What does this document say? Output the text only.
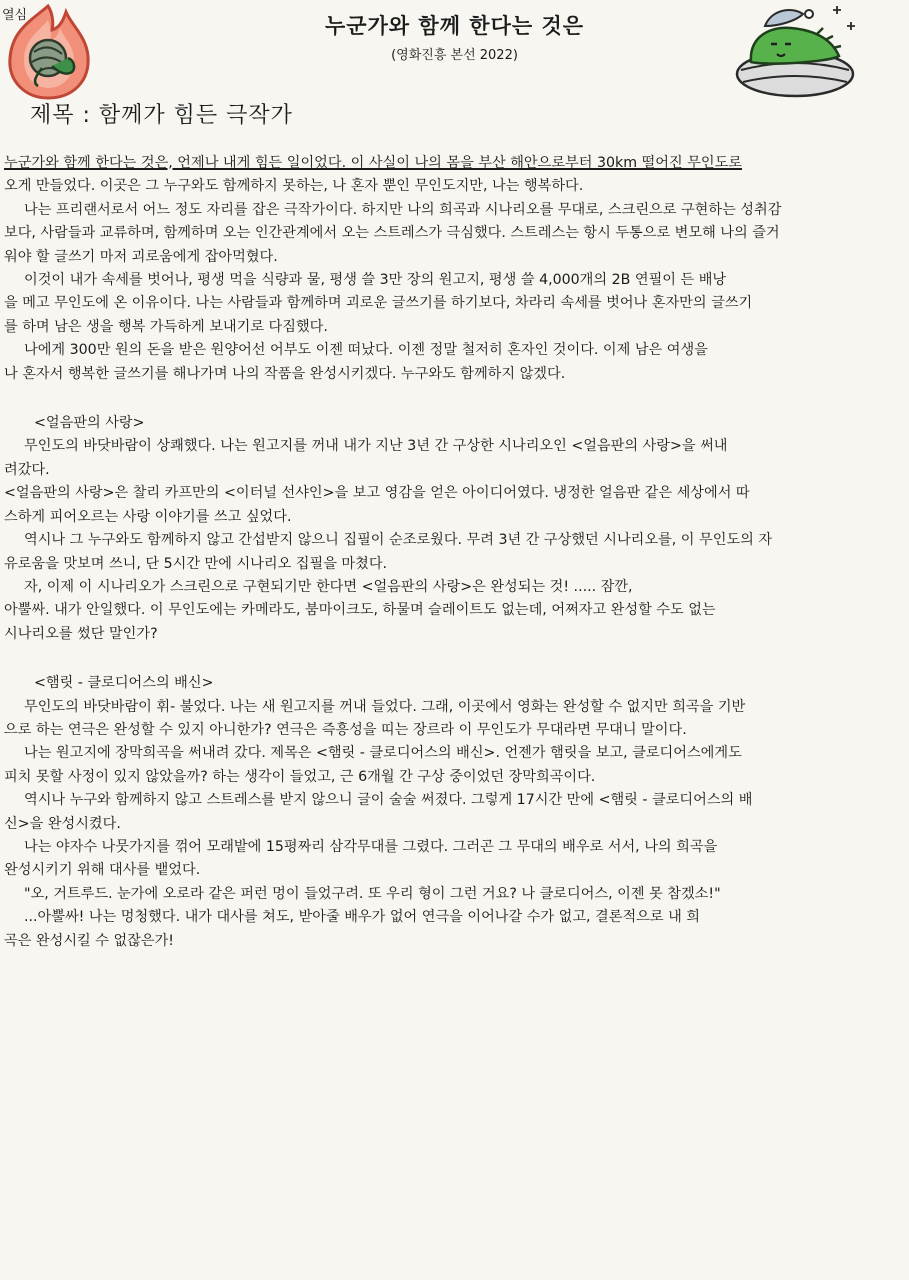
열심	누군가와 함께 한다는 것은
(영화진흥 본선 2022)
제목 : 함께가 힘든 극작가

누군가와 함께 한다는 것은, 언제나 내게 힘든 일이었다. 이 사실이 나의 몸을 부산 해안으로부터 30km 떨어진 무인도로

오게 만들었다. 이곳은 그 누구와도 함께하지 못하는, 나 혼자 뿐인 무인도지만, 나는 행복하다.

나는 프리랜서로서 어느 정도 자리를 잡은 극작가이다. 하지만 나의 희곡과 시나리오를 무대로, 스크린으로 구현하는 성취감

보다, 사람들과 교류하며, 함께하며 오는 인간관계에서 오는 스트레스가 극심했다. 스트레스는 항시 두통으로 변모해 나의 즐거

워야 할 글쓰기 마저 괴로움에게 잡아먹혔다.

이것이 내가 속세를 벗어나, 평생 먹을 식량과 물, 평생 쓸 3만 장의 원고지, 평생 쓸 4,000개의 2B 연필이 든 배낭

을 메고 무인도에 온 이유이다. 나는 사람들과 함께하며 괴로운 글쓰기를 하기보다, 차라리 속세를 벗어나 혼자만의 글쓰기

를 하며 남은 생을 행복 가득하게 보내기로 다짐했다.

나에게 300만 원의 돈을 받은 원양어선 어부도 이젠 떠났다. 이젠 정말 철저히 혼자인 것이다. 이제 남은 여생을

나 혼자서 행복한 글쓰기를 해나가며 나의 작품을 완성시키겠다. 누구와도 함께하지 않겠다.

<얼음판의 사랑>

무인도의 바닷바람이 상쾌했다. 나는 원고지를 꺼내 내가 지난 3년 간 구상한 시나리오인 <얼음판의 사랑>을 써내

려갔다.

<얼음판의 사랑>은 찰리 카프만의 <이터널 선샤인>을 보고 영감을 얻은 아이디어였다. 냉정한 얼음판 같은 세상에서 따

스하게 피어오르는 사랑 이야기를 쓰고 싶었다.

역시나 그 누구와도 함께하지 않고 간섭받지 않으니 집필이 순조로웠다. 무려 3년 간 구상했던 시나리오를, 이 무인도의 자

유로움을 맛보며 쓰니, 단 5시간 만에 시나리오 집필을 마쳤다.

자, 이제 이 시나리오가 스크린으로 구현되기만 한다면 <얼음판의 사랑>은 완성되는 것! ..... 잠깐,

아뿔싸. 내가 안일했다. 이 무인도에는 카메라도, 붐마이크도, 하물며 슬레이트도 없는데, 어쩌자고 완성할 수도 없는

시나리오를 썼단 말인가?

<햄릿 - 클로디어스의 배신>

무인도의 바닷바람이 휘- 불었다. 나는 새 원고지를 꺼내 들었다. 그래, 이곳에서 영화는 완성할 수 없지만 희곡을 기반

으로 하는 연극은 완성할 수 있지 아니한가? 연극은 즉흥성을 띠는 장르라 이 무인도가 무대라면 무대니 말이다.

나는 원고지에 장막희곡을 써내려 갔다. 제목은 <햄릿 - 클로디어스의 배신>. 언젠가 햄릿을 보고, 클로디어스에게도

피치 못할 사정이 있지 않았을까? 하는 생각이 들었고, 근 6개월 간 구상 중이었던 장막희곡이다.

역시나 누구와 함께하지 않고 스트레스를 받지 않으니 글이 술술 써졌다. 그렇게 17시간 만에 <햄릿 - 클로디어스의 배

신>을 완성시켰다.

나는 야자수 나뭇가지를 꺾어 모래밭에 15평짜리 삼각무대를 그렸다. 그러곤 그 무대의 배우로 서서, 나의 희곡을

완성시키기 위해 대사를 뱉었다.

"오, 거트루드. 눈가에 오로라 같은 퍼런 멍이 들었구려. 또 우리 형이 그런 거요? 나 클로디어스, 이젠 못 참겠소!"

...아뿔싸! 나는 멍청했다. 내가 대사를 쳐도, 받아줄 배우가 없어 연극을 이어나갈 수가 없고, 결론적으로 내 희

곡은 완성시킬 수 없잖은가!
